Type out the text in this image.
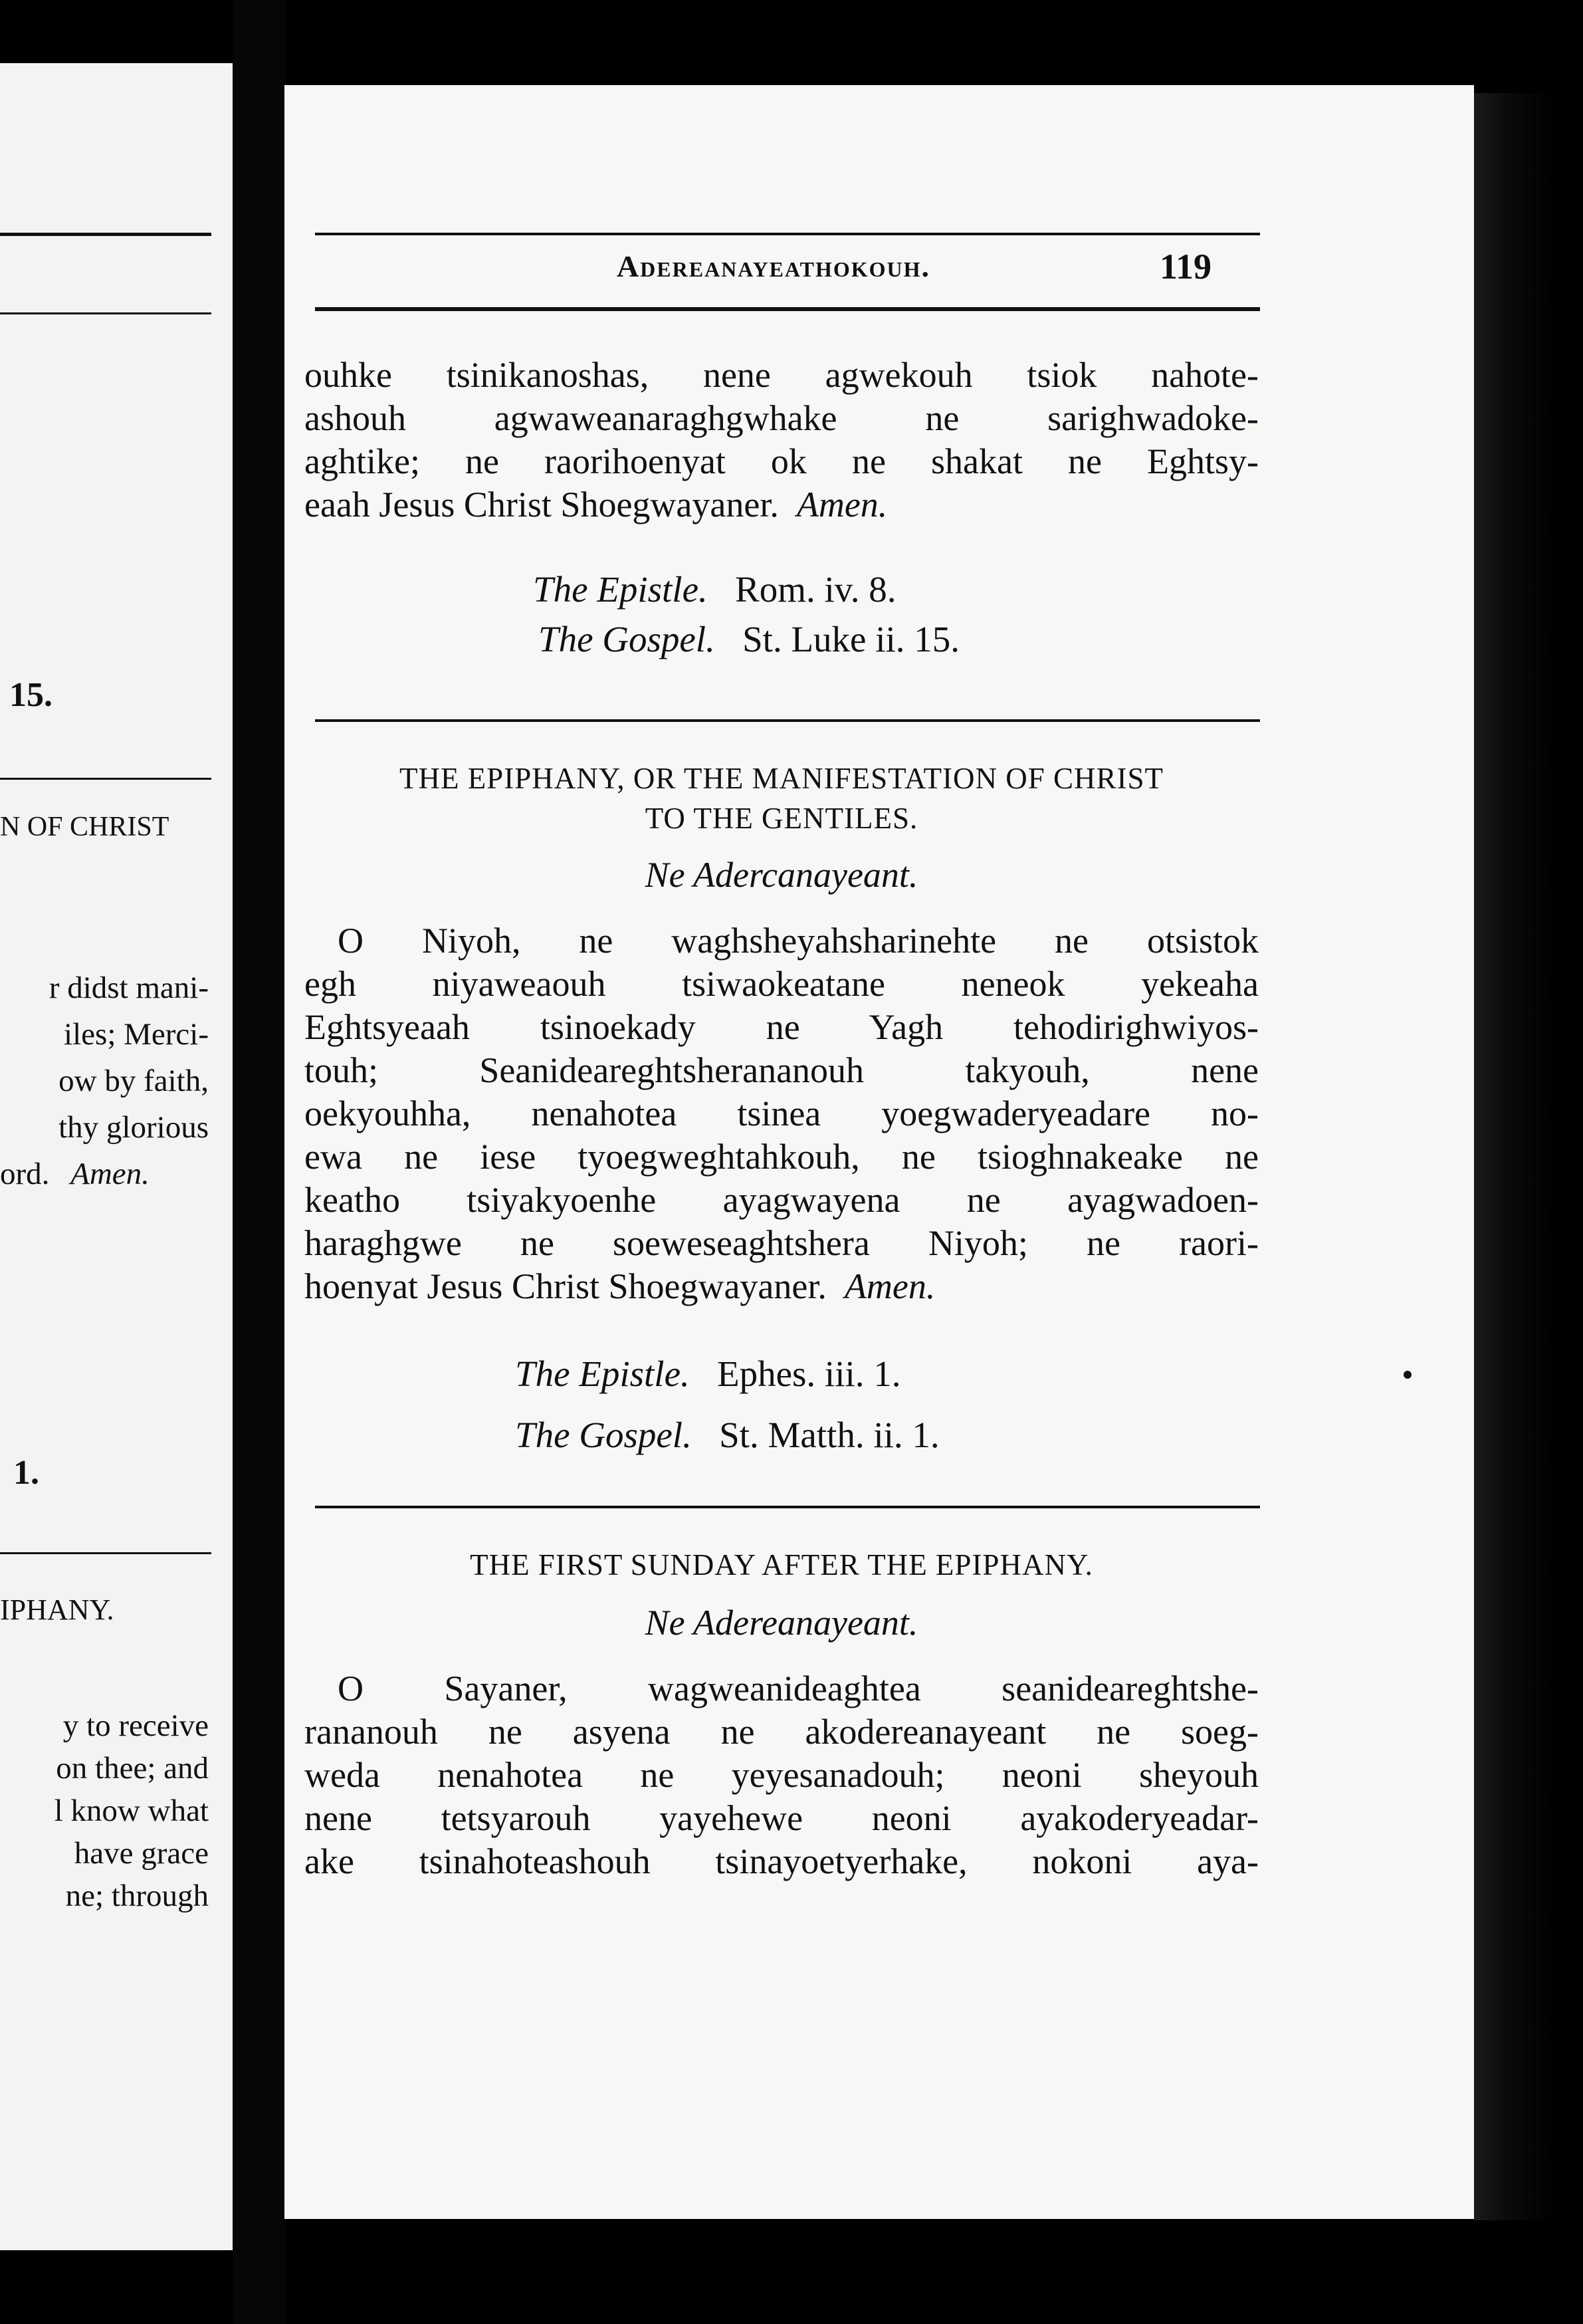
15.
N OF CHRIST
r didst mani-
iles; Merci-
ow by faith,
thy glorious
ord. Amen.
1.
IPHANY.
y to receive
on thee; and
l know what
have grace
ne; through
Adereanayeathokouh.	119
ouhke tsinikanoshas, nene agwekouh tsiok nahote-
ashouh agwaweanaraghgwhake ne sarighwadoke-
aghtike; ne raorihoenyat ok ne shakat ne Eghtsy-
eaah Jesus Christ Shoegwayaner. Amen.
The Epistle. Rom. iv. 8.
The Gospel. St. Luke ii. 15.
THE EPIPHANY, OR THE MANIFESTATION OF CHRIST
TO THE GENTILES.
Ne Adercanayeant.
O Niyoh, ne waghsheyahsharinehte ne otsistok
egh niyaweaouh tsiwaokeatane neneok yekeaha
Eghtsyeaah tsinoekady ne Yagh tehodirighwiyos-
touh; Seanideareghtsherananouh takyouh, nene
oekyouhha, nenahotea tsinea yoegwaderyeadare no-
ewa ne iese tyoegweghtahkouh, ne tsioghnakeake ne
keatho tsiyakyoenhe ayagwayena ne ayagwadoen-
haraghgwe ne soeweseaghtshera Niyoh; ne raori-
hoenyat Jesus Christ Shoegwayaner. Amen.
The Epistle. Ephes. iii. 1.
The Gospel. St. Matth. ii. 1.
THE FIRST SUNDAY AFTER THE EPIPHANY.
Ne Adereanayeant.
O Sayaner, wagweanideaghtea seanideareghtshe-
rananouh ne asyena ne akodereanayeant ne soeg-
weda nenahotea ne yeyesanadouh; neoni sheyouh
nene tetsyarouh yayehewe neoni ayakoderyeadar-
ake tsinahoteashouh tsinayoetyerhake, nokoni aya-
